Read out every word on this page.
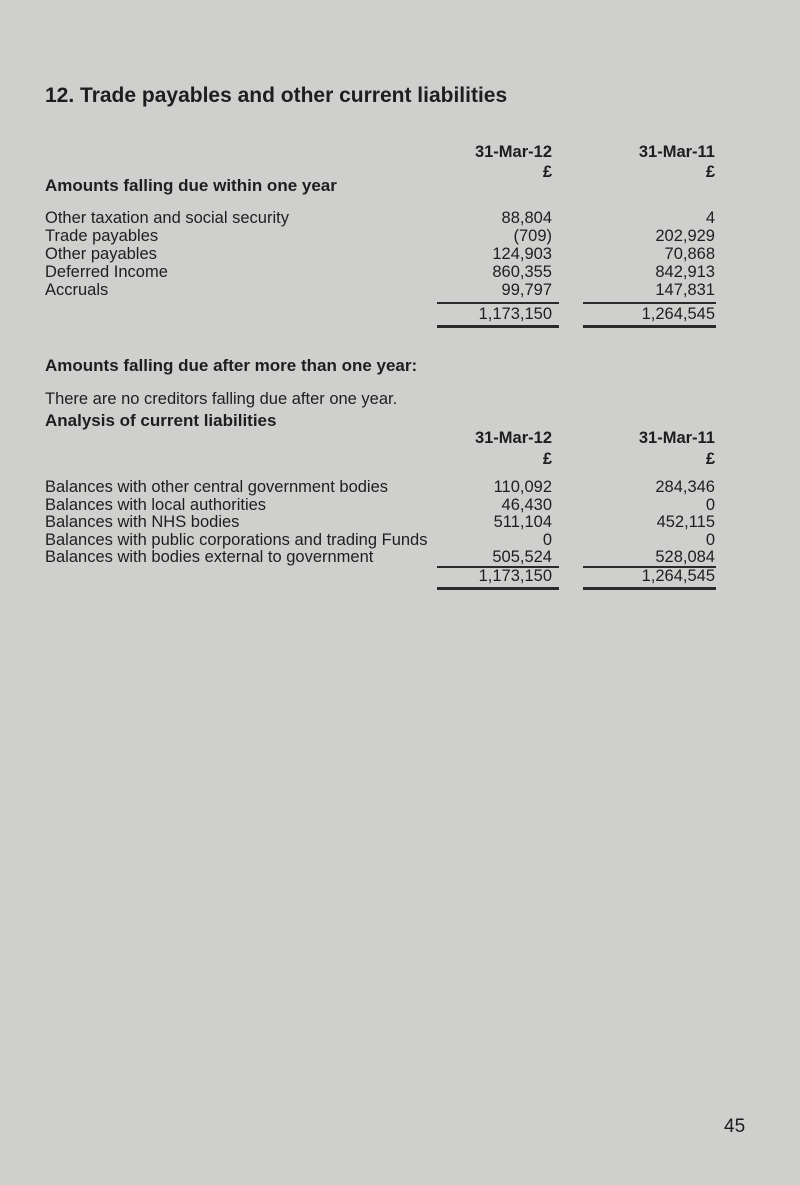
12. Trade payables and other current liabilities
31-Mar-12	31-Mar-11
£	£
Amounts falling due within one year
Other taxation and social security	88,804	4
Trade payables	(709)	202,929
Other payables	124,903	70,868
Deferred Income	860,355	842,913
Accruals	99,797	147,831
1,173,150	1,264,545
Amounts falling due after more than one year:
There are no creditors falling due after one year.
Analysis of current liabilities
31-Mar-12	31-Mar-11
£	£
Balances with other central government bodies	110,092	284,346
Balances with local authorities	46,430	0
Balances with NHS bodies	511,104	452,115
Balances with public corporations and trading Funds	0	0
Balances with bodies external to government	505,524	528,084
1,173,150	1,264,545
45
